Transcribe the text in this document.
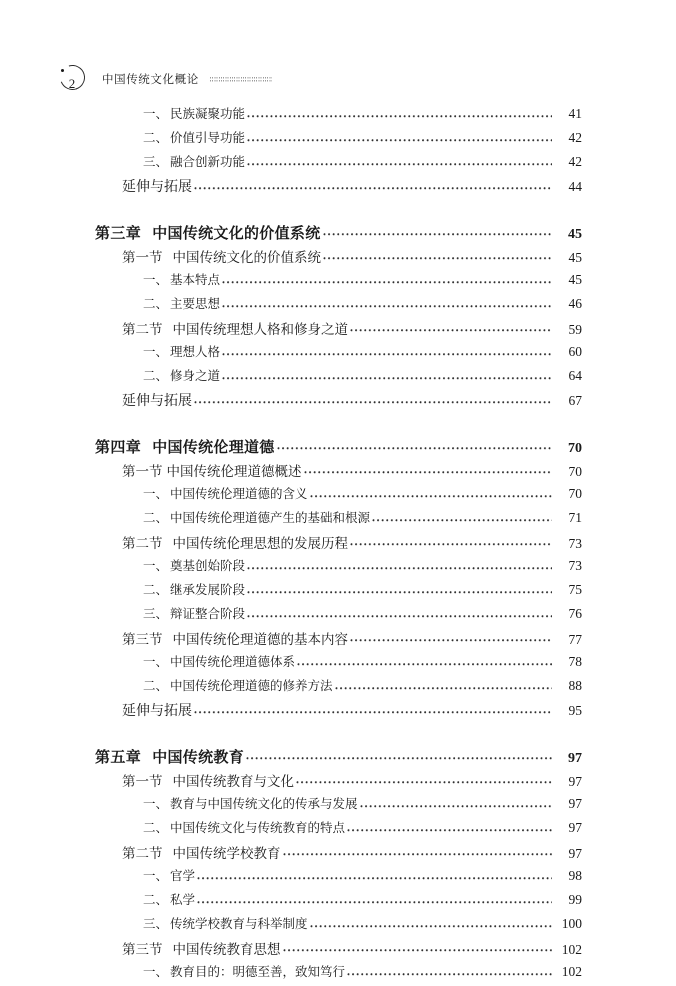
2 中国传统文化概论
一、 民族凝聚功能	41
二、 价值引导功能	42
三、 融合创新功能	42
延伸与拓展	44
第三章 中国传统文化的价值系统	45
第一节 中国传统文化的价值系统	45
一、 基本特点	45
二、 主要思想	46
第二节 中国传统理想人格和修身之道	59
一、 理想人格	60
二、 修身之道	64
延伸与拓展	67
第四章 中国传统伦理道德	70
第一节 中国传统伦理道德概述	70
一、 中国传统伦理道德的含义	70
二、 中国传统伦理道德产生的基础和根源	71
第二节 中国传统伦理思想的发展历程	73
一、 奠基创始阶段	73
二、 继承发展阶段	75
三、 辩证整合阶段	76
第三节 中国传统伦理道德的基本内容	77
一、 中国传统伦理道德体系	78
二、 中国传统伦理道德的修养方法	88
延伸与拓展	95
第五章 中国传统教育	97
第一节 中国传统教育与文化	97
一、 教育与中国传统文化的传承与发展	97
二、 中国传统文化与传统教育的特点	97
第二节 中国传统学校教育	97
一、 官学	98
二、 私学	99
三、 传统学校教育与科举制度	100
第三节 中国传统教育思想	102
一、 教育目的：明德至善，致知笃行	102
